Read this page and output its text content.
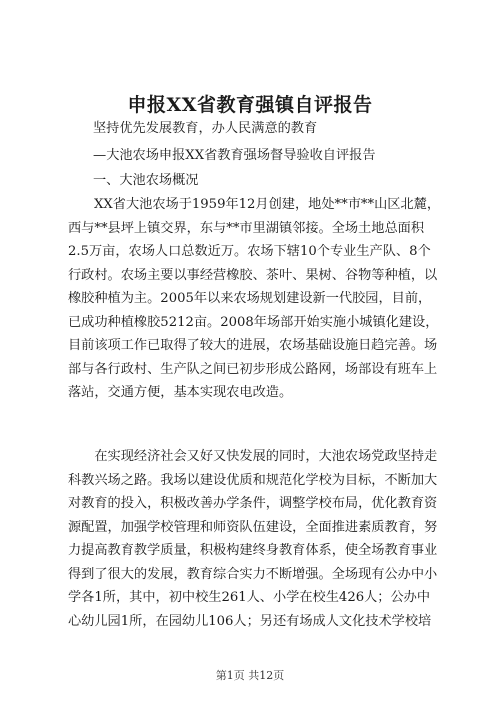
申报XX省教育强镇自评报告
坚持优先发展教育，办人民满意的教育
—大池农场申报XX省教育强场督导验收自评报告
一、大池农场概况
XX省大池农场于1959年12月创建，地处**市**山区北麓，
西与**县坪上镇交界，东与**市里湖镇邻接。全场土地总面积
2.5万亩，农场人口总数近万。农场下辖10个专业生产队、8个
行政村。农场主要以事经营橡胶、茶叶、果树、谷物等种植，以
橡胶种植为主。2005年以来农场规划建设新一代胶园，目前，
已成功种植橡胶5212亩。2008年场部开始实施小城镇化建设，
目前该项工作已取得了较大的进展，农场基础设施日趋完善。场
部与各行政村、生产队之间已初步形成公路网，场部设有班车上
落站，交通方便，基本实现农电改造。
　　在实现经济社会又好又快发展的同时，大池农场党政坚持走
科教兴场之路。我场以建设优质和规范化学校为目标，不断加大
对教育的投入，积极改善办学条件，调整学校布局，优化教育资
源配置，加强学校管理和师资队伍建设，全面推进素质教育，努
力提高教育教学质量，积极构建终身教育体系，使全场教育事业
得到了很大的发展，教育综合实力不断增强。全场现有公办中小
学各1所，其中，初中校生261人、小学在校生426人；公办中
心幼儿园1所，在园幼儿106人；另还有场成人文化技术学校培
第1页 共12页
